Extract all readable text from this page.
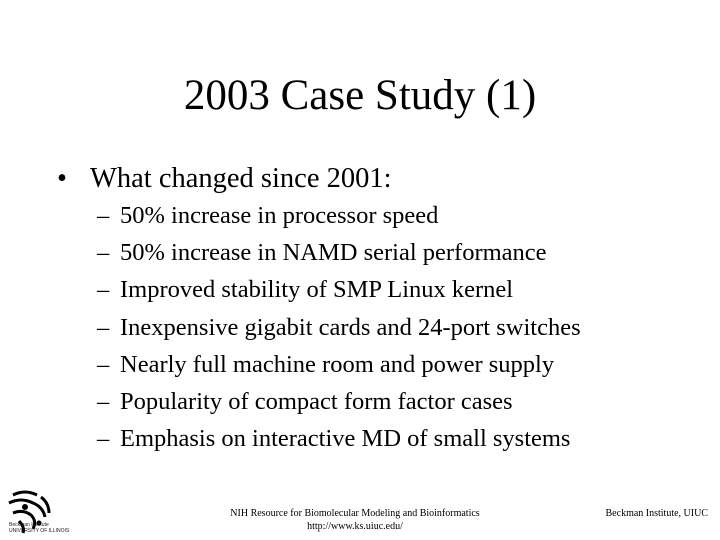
2003 Case Study (1)
• What changed since 2001:
– 50% increase in processor speed
– 50% increase in NAMD serial performance
– Improved stability of SMP Linux kernel
– Inexpensive gigabit cards and 24-port switches
– Nearly full machine room and power supply
– Popularity of compact form factor cases
– Emphasis on interactive MD of small systems
Beckman Institute
UNIVERSITY OF ILLINOIS
NIH Resource for Biomolecular Modeling and Bioinformatics
http://www.ks.uiuc.edu/
Beckman Institute, UIUC
